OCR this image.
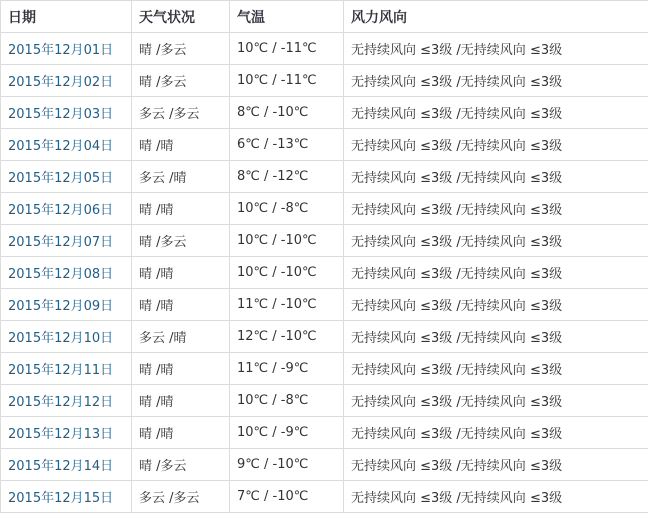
日期	天气状况	气温	风力风向
2015年12月01日	晴 /多云	10℃ / -11℃	无持续风向 ≤3级 /无持续风向 ≤3级
2015年12月02日	晴 /多云	10℃ / -11℃	无持续风向 ≤3级 /无持续风向 ≤3级
2015年12月03日	多云 /多云	8℃ / -10℃	无持续风向 ≤3级 /无持续风向 ≤3级
2015年12月04日	晴 /晴	6℃ / -13℃	无持续风向 ≤3级 /无持续风向 ≤3级
2015年12月05日	多云 /晴	8℃ / -12℃	无持续风向 ≤3级 /无持续风向 ≤3级
2015年12月06日	晴 /晴	10℃ / -8℃	无持续风向 ≤3级 /无持续风向 ≤3级
2015年12月07日	晴 /多云	10℃ / -10℃	无持续风向 ≤3级 /无持续风向 ≤3级
2015年12月08日	晴 /晴	10℃ / -10℃	无持续风向 ≤3级 /无持续风向 ≤3级
2015年12月09日	晴 /晴	11℃ / -10℃	无持续风向 ≤3级 /无持续风向 ≤3级
2015年12月10日	多云 /晴	12℃ / -10℃	无持续风向 ≤3级 /无持续风向 ≤3级
2015年12月11日	晴 /晴	11℃ / -9℃	无持续风向 ≤3级 /无持续风向 ≤3级
2015年12月12日	晴 /晴	10℃ / -8℃	无持续风向 ≤3级 /无持续风向 ≤3级
2015年12月13日	晴 /晴	10℃ / -9℃	无持续风向 ≤3级 /无持续风向 ≤3级
2015年12月14日	晴 /多云	9℃ / -10℃	无持续风向 ≤3级 /无持续风向 ≤3级
2015年12月15日	多云 /多云	7℃ / -10℃	无持续风向 ≤3级 /无持续风向 ≤3级
